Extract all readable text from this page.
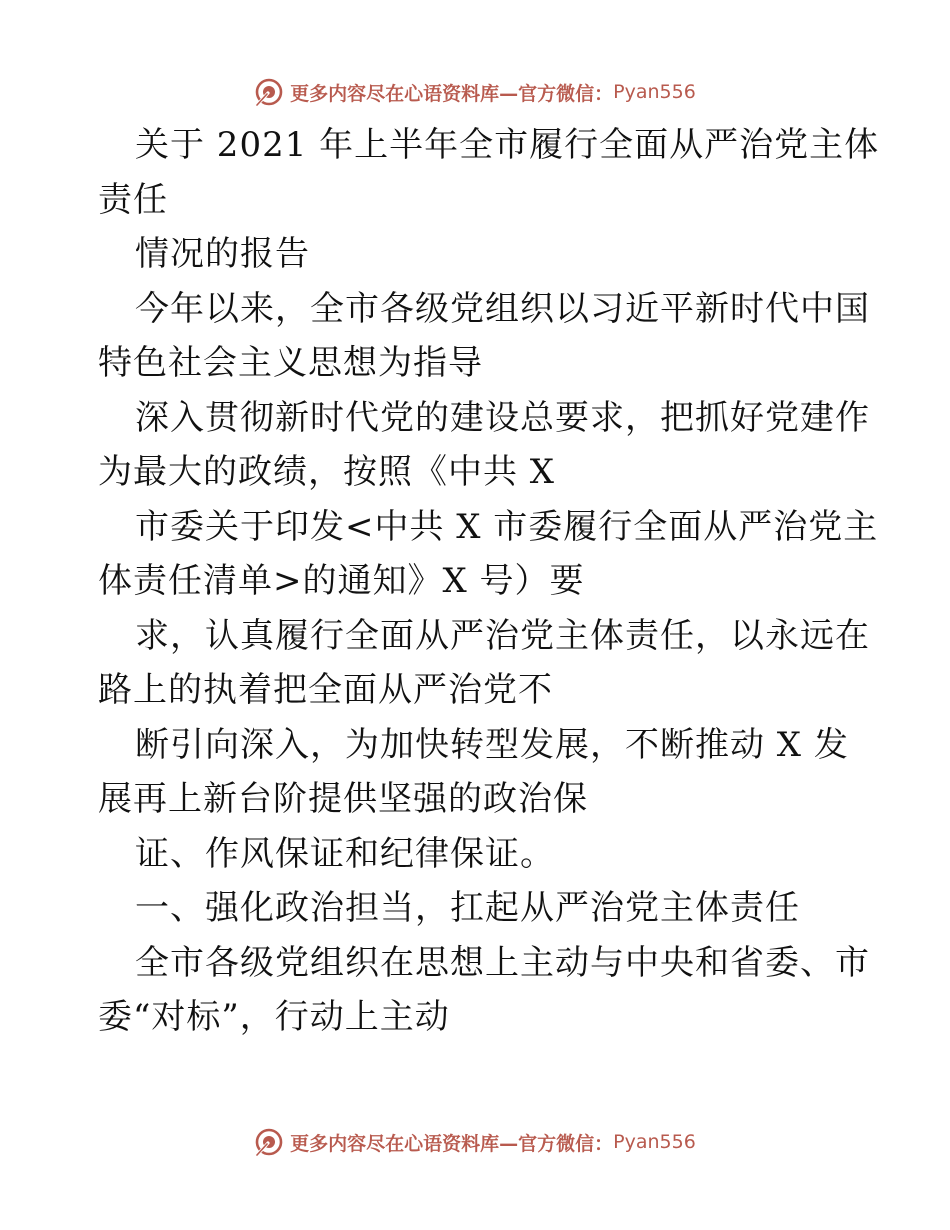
更多内容尽在心语资料库—官方微信： Pyan556
关于 2021 年上半年全市履行全面从严治党主体
责任
情况的报告
今年以来，全市各级党组织以习近平新时代中国
特色社会主义思想为指导
深入贯彻新时代党的建设总要求，把抓好党建作
为最大的政绩，按照《中共 X
市委关于印发<中共 X 市委履行全面从严治党主
体责任清单>的通知》X 号）要
求，认真履行全面从严治党主体责任，以永远在
路上的执着把全面从严治党不
断引向深入，为加快转型发展，不断推动 X 发
展再上新台阶提供坚强的政治保
证、作风保证和纪律保证。
一、强化政治担当，扛起从严治党主体责任
全市各级党组织在思想上主动与中央和省委、市
委“对标”，行动上主动
更多内容尽在心语资料库—官方微信： Pyan556
